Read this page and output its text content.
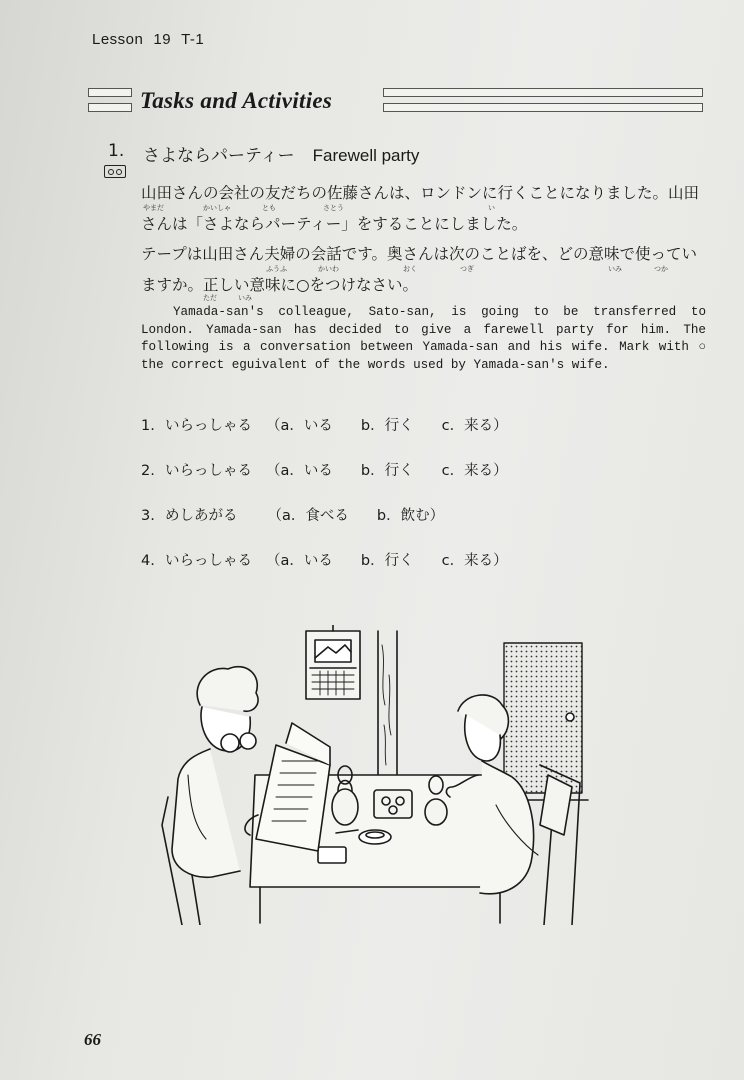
Lesson 19 T-1
Tasks and Activities
1. さよならパーティー Farewell party
山田さんの会社の友だちの佐藤さんは、ロンドンに行くことになりました。山田
さんは「さよならパーティー」をすることにしました。
テープは山田さん夫婦の会話です。奥さんは次のことばを、どの意味で使ってい
ますか。正しい意味に○をつけなさい。
やまだ	かいしゃ	とも	さとう	い
ふうふ	かいわ	おく	つぎ	いみ	つか
ただ	いみ
Yamada-san's colleague, Sato-san, is going to be transferred to London. Yamada-san has decided to give a farewell party for him. The following is a conversation between Yamada-san and his wife. Mark with ○ the correct eguivalent of the words used by Yamada-san's wife.
1. いらっしゃる （a．いる b．行く c．来る）
2. いらっしゃる （a．いる b．行く c．来る）
3. めしあがる （a．食べる b．飲む）
4. いらっしゃる （a．いる b．行く c．来る）
66
